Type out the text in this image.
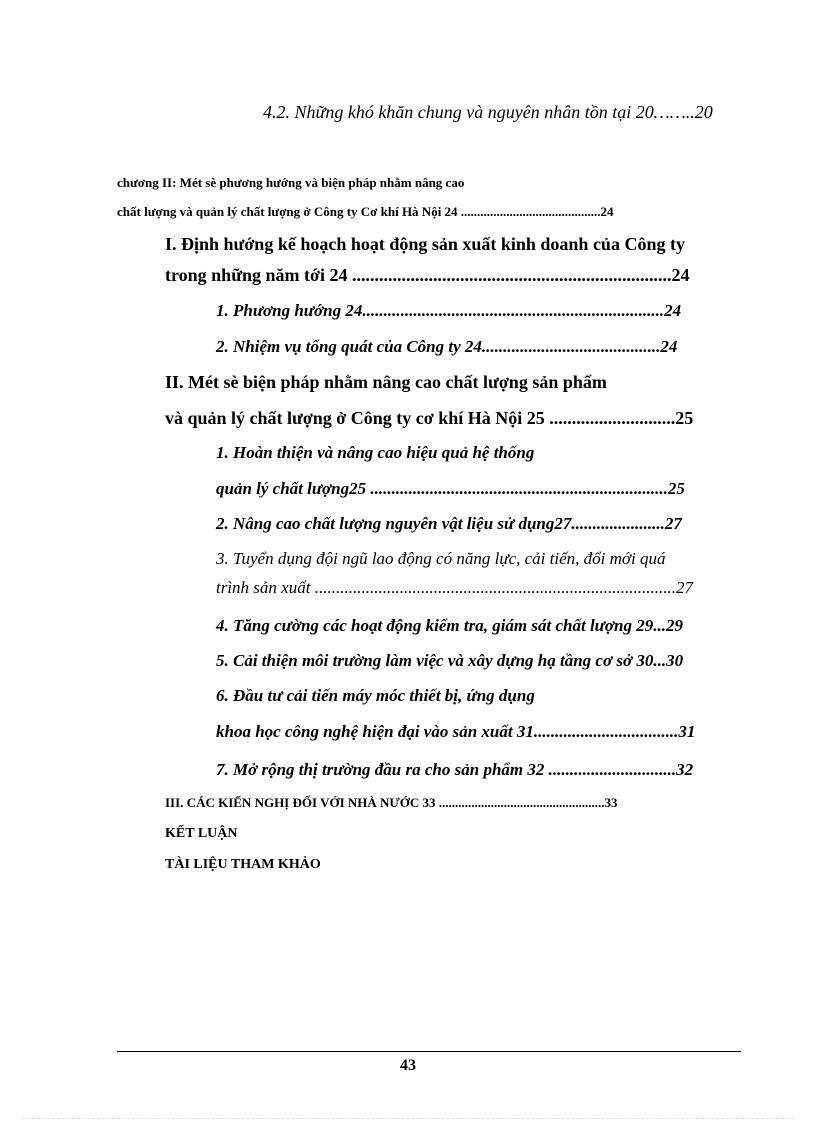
4.2. Những khó khăn chung và nguyên nhân tồn tại 20……..20

chương II: Mét sè phương hướng và biện pháp nhằm nâng cao

chất lượng và quản lý chất lượng ở Công ty Cơ khí Hà Nội 24 ...........................................24

I. Định hướng kế hoạch hoạt động sản xuất kinh doanh của Công ty

trong những năm tới 24 .......................................................................24

1. Phương hướng 24.......................................................................24

2. Nhiệm vụ tổng quát của Công ty 24..........................................24

II. Mét sè biện pháp nhằm nâng cao chất lượng sản phẩm

và quản lý chất lượng ở Công ty cơ khí Hà Nội 25 ............................25

1. Hoàn thiện và nâng cao hiệu quả hệ thống

quản lý chất lượng25 ......................................................................25

2. Nâng cao chất lượng nguyên vật liệu sử dụng27......................27

3. Tuyển dụng đội ngũ lao động có năng lực, cải tiến, đổi mới quá

trình sản xuất .....................................................................................27

4. Tăng cường các hoạt động kiểm tra, giám sát chất lượng 29...29

5. Cải thiện môi trường làm việc và xây dựng hạ tầng cơ sở 30...30

6. Đầu tư cải tiến máy móc thiết bị, ứng dụng

khoa học công nghệ hiện đại vào sản xuất 31..................................31

7. Mở rộng thị trường đầu ra cho sản phẩm 32 ..............................32

III. CÁC KIẾN NGHỊ ĐỐI VỚI NHÀ NƯỚC 33 ...................................................33

KẾT LUẬN

TÀI LIỆU THAM KHẢO

43
